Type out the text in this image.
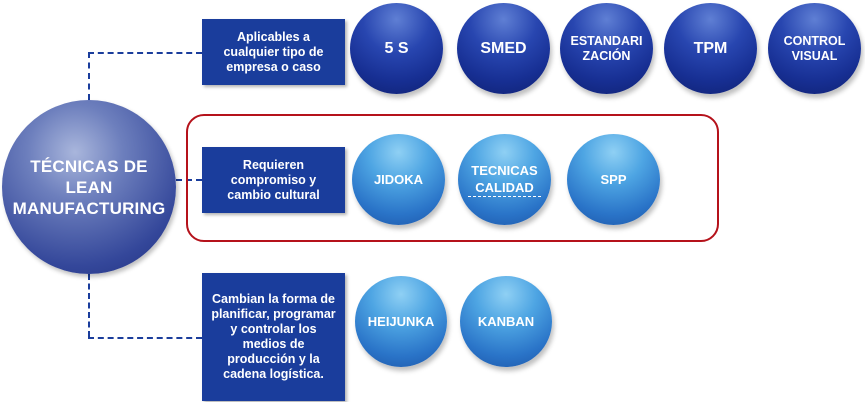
TÉCNICAS DE LEAN MANUFACTURING
Aplicables a cualquier tipo de empresa o caso
5 S	SMED	ESTANDARI ZACIÓN	TPM	CONTROL VISUAL
Requieren compromiso y cambio cultural
JIDOKA
TECNICAS CALIDAD
SPP
Cambian la forma de planificar, programar y controlar los medios de producción y la cadena logística.
HEIJUNKA	KANBAN
